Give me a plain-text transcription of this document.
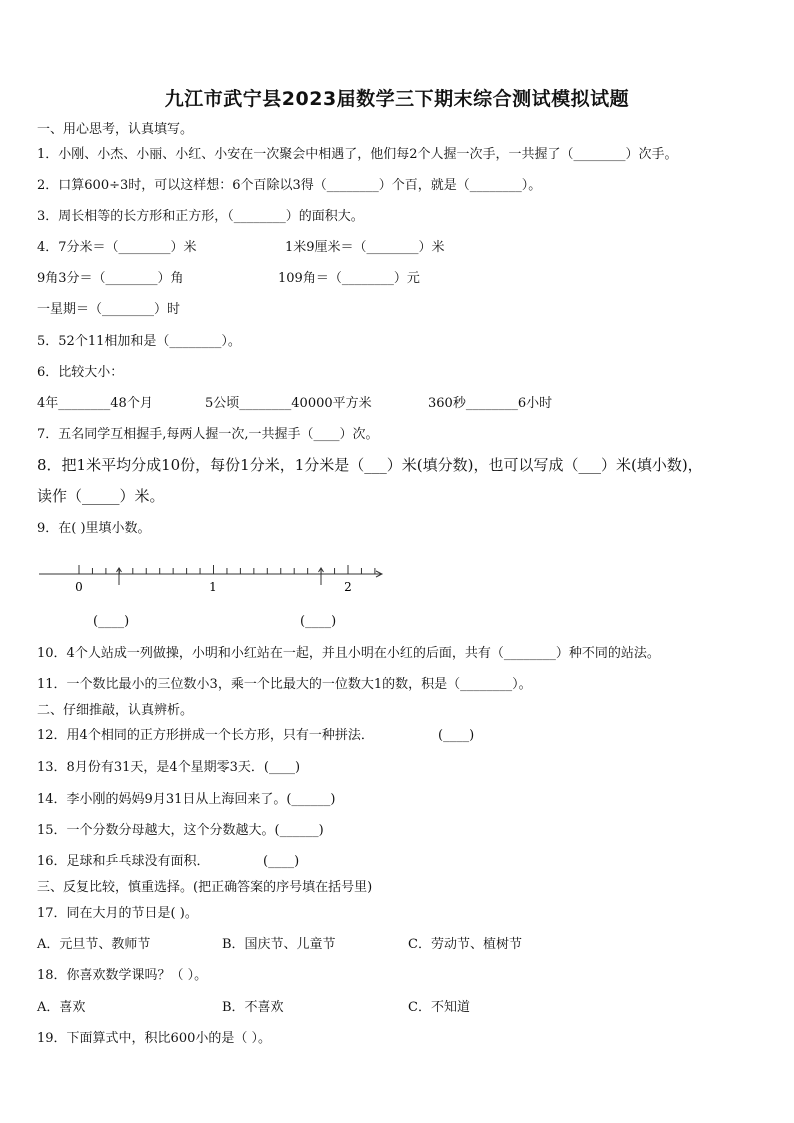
九江市武宁县2023届数学三下期末综合测试模拟试题
一、用心思考，认真填写。
1．小刚、小杰、小丽、小红、小安在一次聚会中相遇了，他们每2个人握一次手，一共握了（________）次手。
2．口算600÷3时，可以这样想：6个百除以3得（________）个百，就是（________）。
3．周长相等的长方形和正方形，（________）的面积大。
4．7分米＝（________）米	1米9厘米＝（________）米
9角3分＝（________）角	109角＝（________）元
一星期＝（________）时
5．52个11相加和是（________）。
6．比较大小：
4年________48个月	5公顷________40000平方米	360秒________6小时
7．五名同学互相握手,每两人握一次,一共握手（____）次。
8．把1米平均分成10份，每份1分米，1分米是（___）米(填分数)，也可以写成（___）米(填小数)，
读作（_____）米。
9．在( )里填小数。
0	1	2
(____)	(____)
10．4个人站成一列做操，小明和小红站在一起，并且小明在小红的后面，共有（________）种不同的站法。
11．一个数比最小的三位数小3，乘一个比最大的一位数大1的数，积是（________）。
二、仔细推敲，认真辨析。
12．用4个相同的正方形拼成一个长方形，只有一种拼法．	(____)
13．8月份有31天，是4个星期零3天．(____)
14．李小刚的妈妈9月31日从上海回来了。(______)
15．一个分数分母越大，这个分数越大。(______)
16．足球和乒乓球没有面积．	(____)
三、反复比较，慎重选择。(把正确答案的序号填在括号里)
17．同在大月的节日是( )。
A．元旦节、教师节	B．国庆节、儿童节	C．劳动节、植树节
18．你喜欢数学课吗？（ ）。
A．喜欢	B．不喜欢	C．不知道
19．下面算式中，积比600小的是（ ）。
